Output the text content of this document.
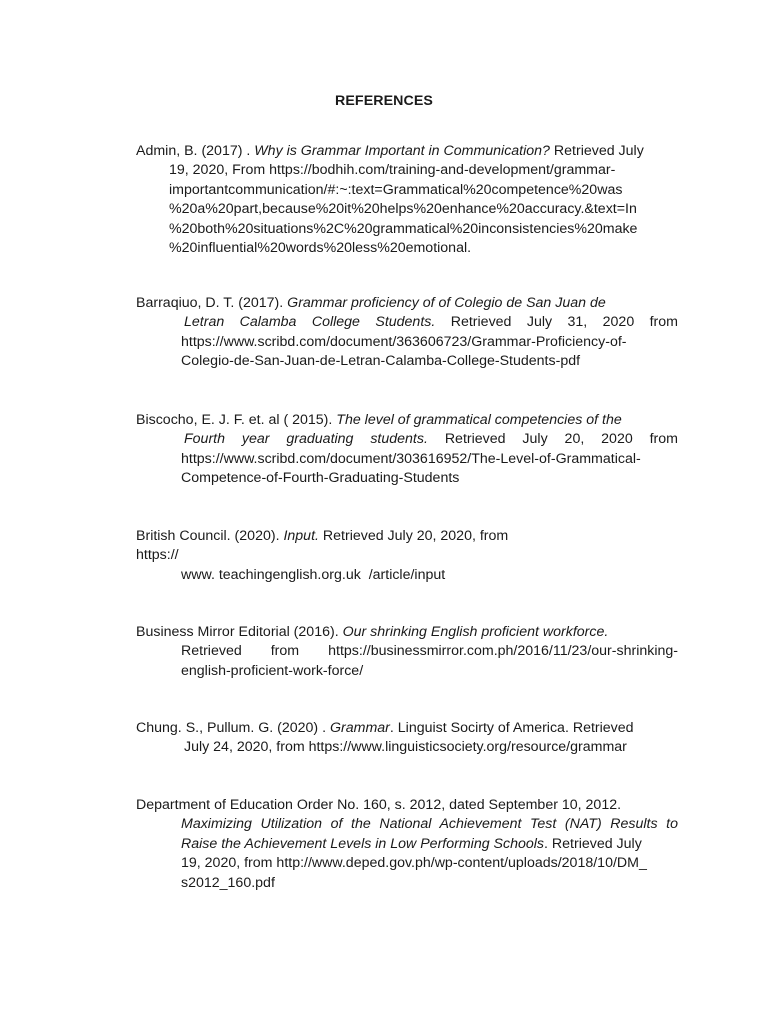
REFERENCES
Admin, B. (2017) . Why is Grammar Important in Communication? Retrieved July
19, 2020, From https://bodhih.com/training-and-development/grammar-
importantcommunication/#:~:text=Grammatical%20competence%20was
%20a%20part,because%20it%20helps%20enhance%20accuracy.&text=In
%20both%20situations%2C%20grammatical%20inconsistencies%20make
%20influential%20words%20less%20emotional.
Barraqiuo, D. T. (2017). Grammar proficiency of of Colegio de San Juan de
Letran Calamba College Students. Retrieved July 31, 2020 from
https://www.scribd.com/document/363606723/Grammar-Proficiency-of-
Colegio-de-San-Juan-de-Letran-Calamba-College-Students-pdf
Biscocho, E. J. F. et. al ( 2015). The level of grammatical competencies of the
Fourth year graduating students. Retrieved July 20, 2020 from
https://www.scribd.com/document/303616952/The-Level-of-Grammatical-
Competence-of-Fourth-Graduating-Students
British Council. (2020). Input. Retrieved July 20, 2020, from
https://
www. teachingenglish.org.uk  /article/input
Business Mirror Editorial (2016). Our shrinking English proficient workforce.
Retrieved from https://businessmirror.com.ph/2016/11/23/our-shrinking-
english-proficient-work-force/
Chung. S., Pullum. G. (2020) . Grammar. Linguist Socirty of America. Retrieved
July 24, 2020, from https://www.linguisticsociety.org/resource/grammar
Department of Education Order No. 160, s. 2012, dated September 10, 2012.
Maximizing Utilization of the National Achievement Test (NAT) Results to
Raise the Achievement Levels in Low Performing Schools. Retrieved July
19, 2020, from http://www.deped.gov.ph/wp-content/uploads/2018/10/DM_
s2012_160.pdf
